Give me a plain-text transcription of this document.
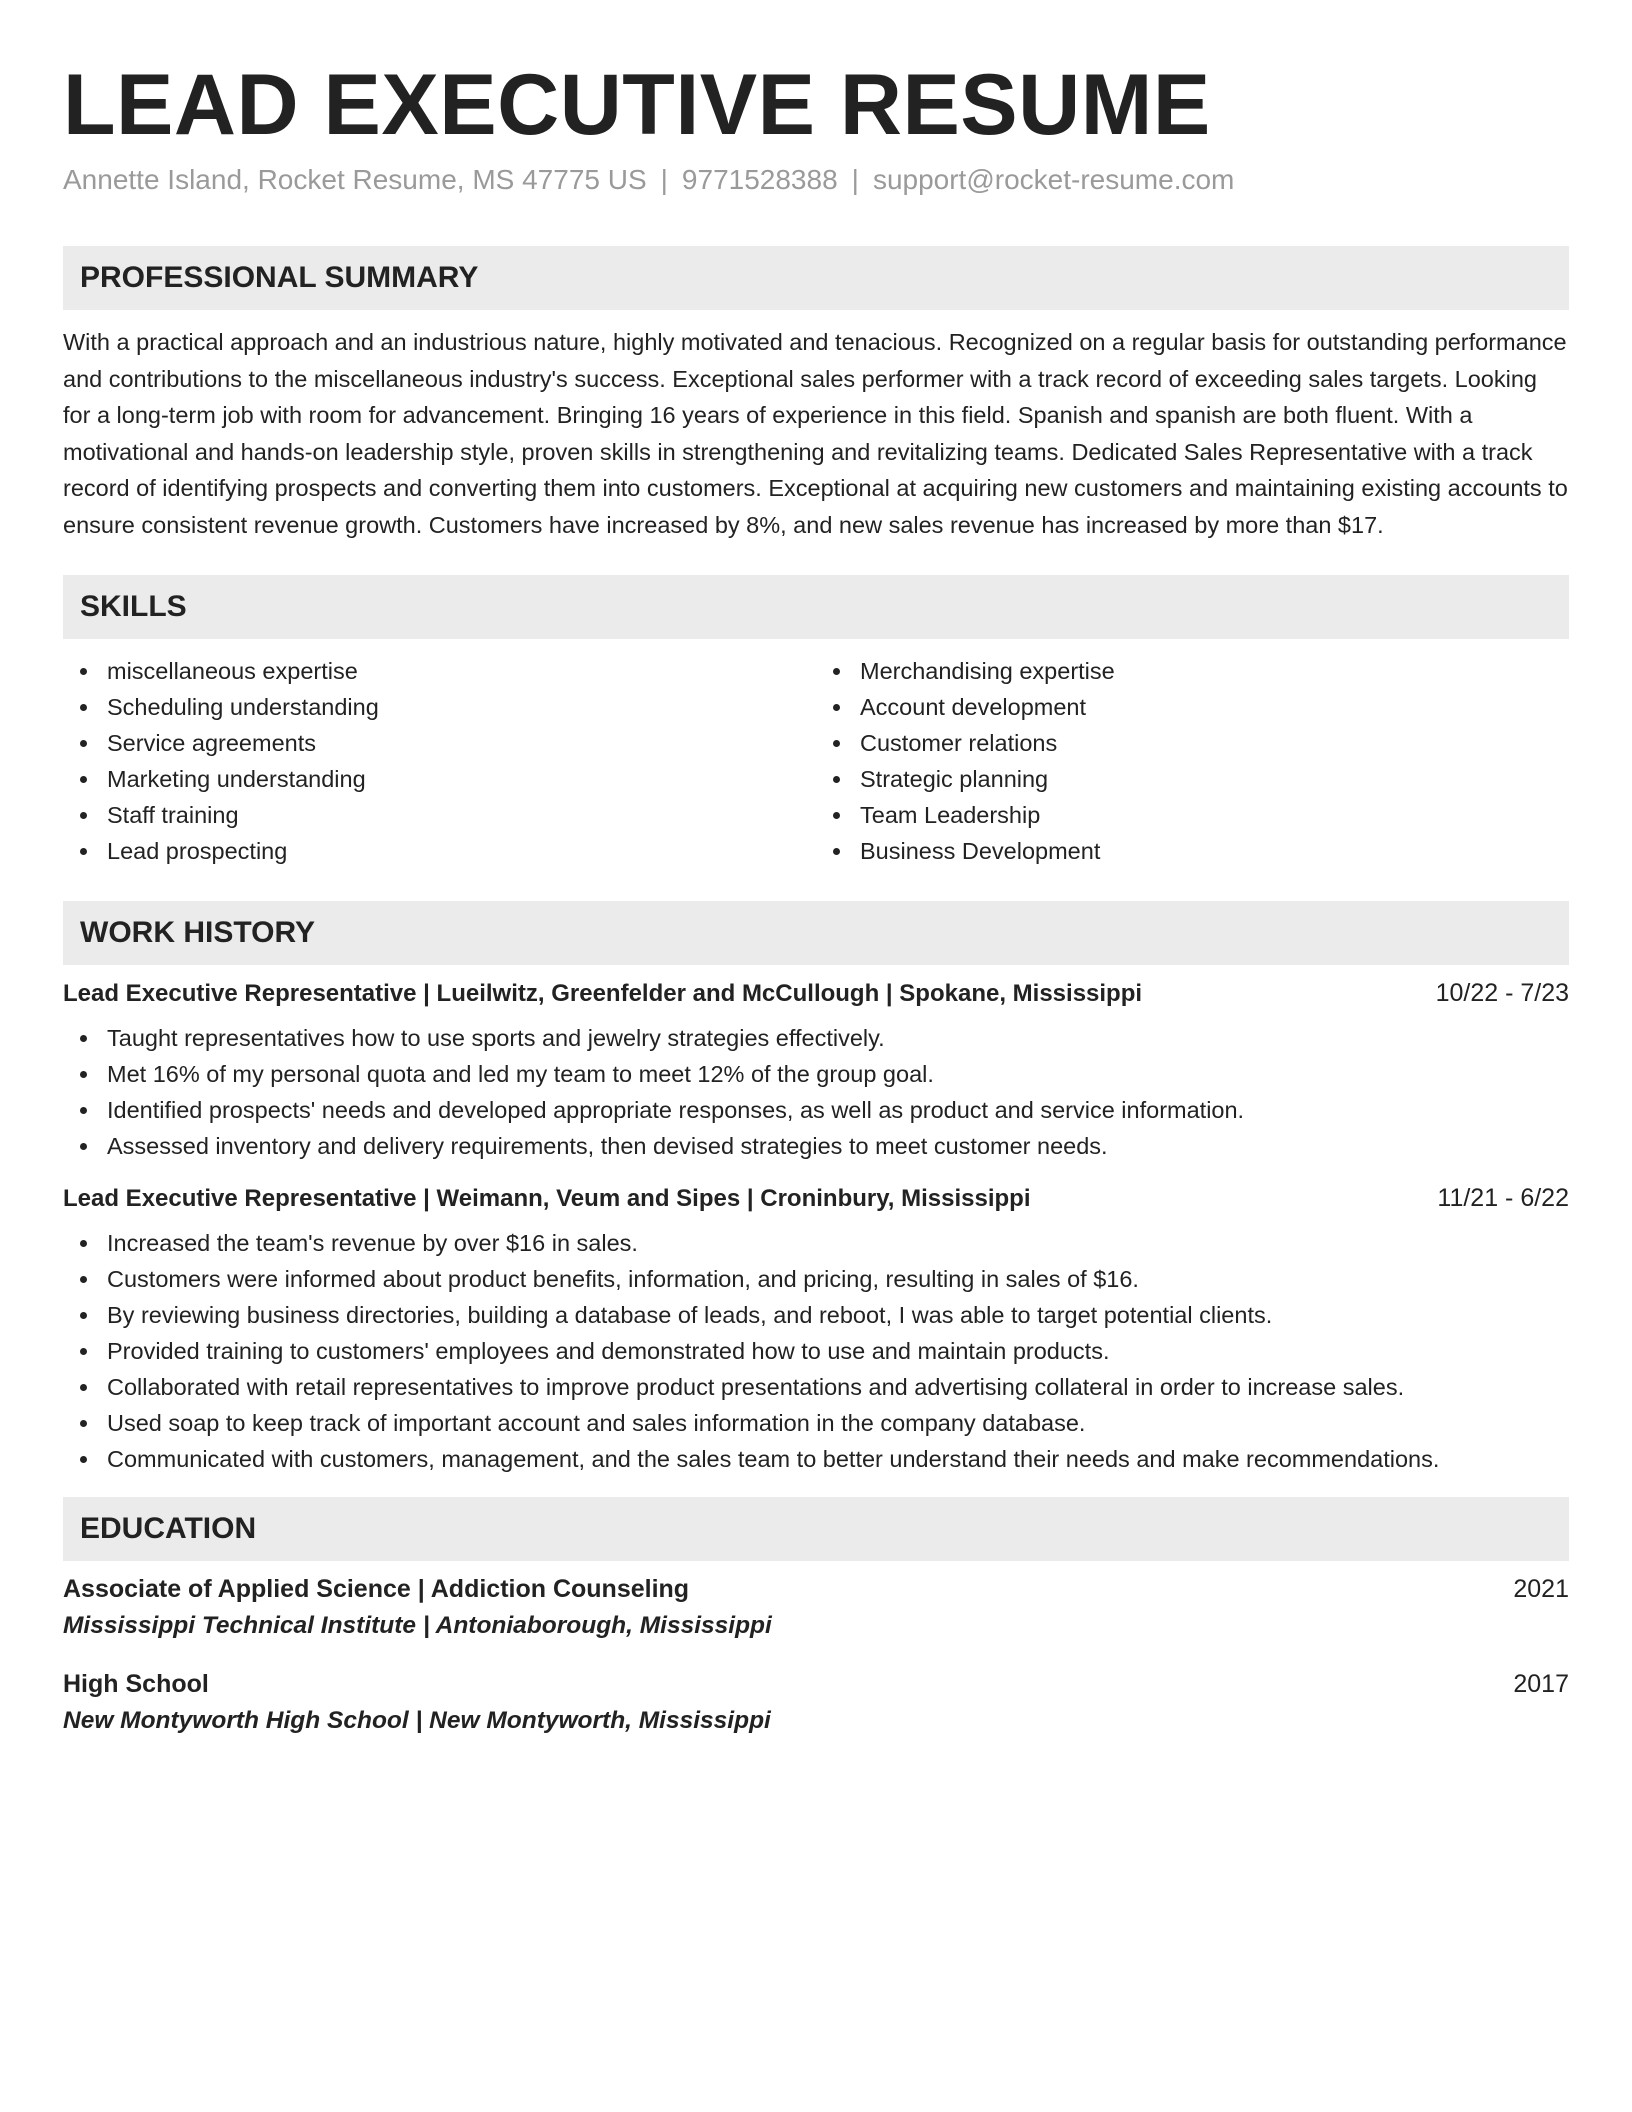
LEAD EXECUTIVE RESUME
Annette Island, Rocket Resume, MS 47775 US | 9771528388 | support@rocket-resume.com
PROFESSIONAL SUMMARY

With a practical approach and an industrious nature, highly motivated and tenacious. Recognized on a regular basis for outstanding performance and contributions to the miscellaneous industry's success. Exceptional sales performer with a track record of exceeding sales targets. Looking for a long-term job with room for advancement. Bringing 16 years of experience in this field. Spanish and spanish are both fluent. With a motivational and hands-on leadership style, proven skills in strengthening and revitalizing teams. Dedicated Sales Representative with a track record of identifying prospects and converting them into customers. Exceptional at acquiring new customers and maintaining existing accounts to ensure consistent revenue growth. Customers have increased by 8%, and new sales revenue has increased by more than $17.

SKILLS
miscellaneous expertise
Scheduling understanding
Service agreements
Marketing understanding
Staff training
Lead prospecting
Merchandising expertise
Account development
Customer relations
Strategic planning
Team Leadership
Business Development
WORK HISTORY
Lead Executive Representative | Lueilwitz, Greenfelder and McCullough | Spokane, Mississippi	10/22 - 7/23
Taught representatives how to use sports and jewelry strategies effectively.
Met 16% of my personal quota and led my team to meet 12% of the group goal.
Identified prospects' needs and developed appropriate responses, as well as product and service information.
Assessed inventory and delivery requirements, then devised strategies to meet customer needs.
Lead Executive Representative | Weimann, Veum and Sipes | Croninbury, Mississippi	11/21 - 6/22
Increased the team's revenue by over $16 in sales.
Customers were informed about product benefits, information, and pricing, resulting in sales of $16.
By reviewing business directories, building a database of leads, and reboot, I was able to target potential clients.
Provided training to customers' employees and demonstrated how to use and maintain products.
Collaborated with retail representatives to improve product presentations and advertising collateral in order to increase sales.
Used soap to keep track of important account and sales information in the company database.
Communicated with customers, management, and the sales team to better understand their needs and make recommendations.
EDUCATION
Associate of Applied Science | Addiction Counseling	2021
Mississippi Technical Institute | Antoniaborough, Mississippi
High School	2017
New Montyworth High School | New Montyworth, Mississippi
